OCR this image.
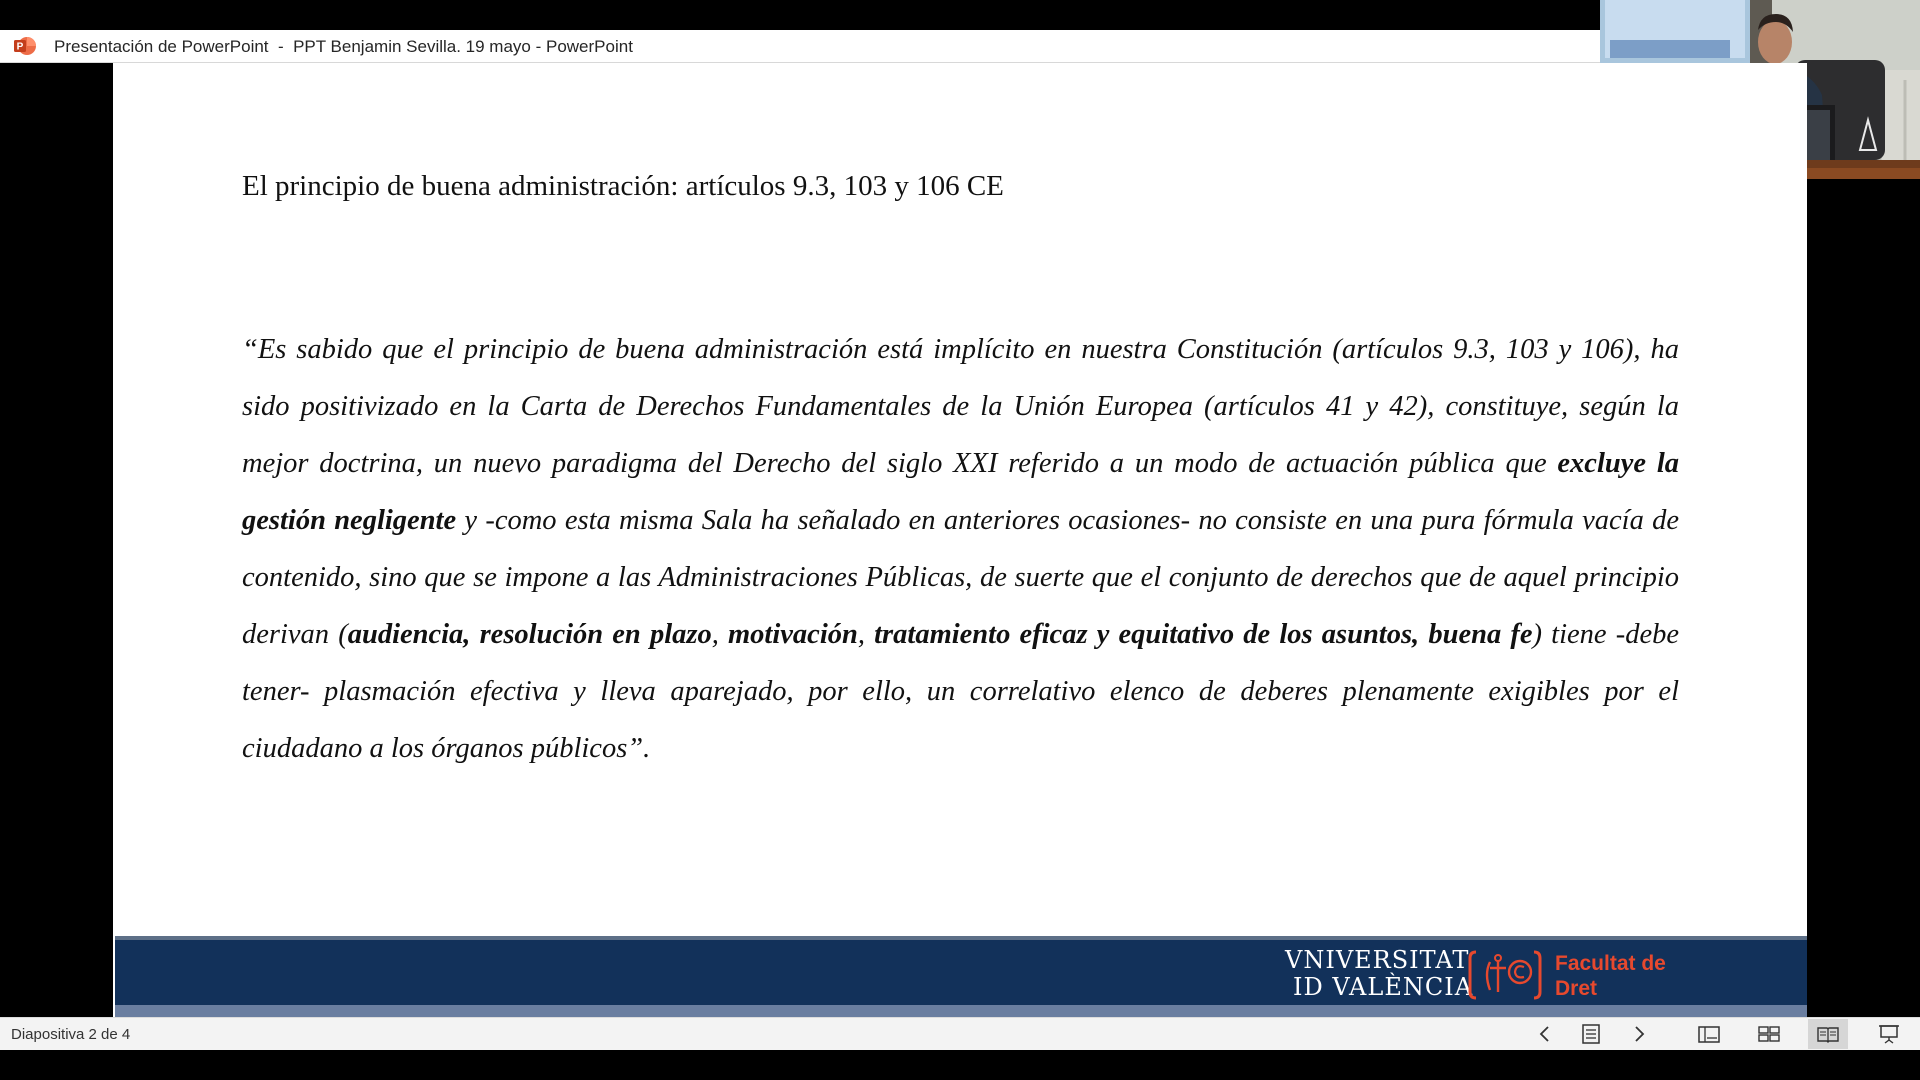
P Presentación de PowerPoint  -  PPT Benjamin Sevilla. 19 mayo - PowerPoint
El principio de buena administración: artículos 9.3, 103 y 106 CE
“Es sabido que el principio de buena administración está implícito en nuestra Constitución (artículos 9.3, 103 y 106), ha sido positivizado en la Carta de Derechos Fundamentales de la Unión Europea (artículos 41 y 42), constituye, según la mejor doctrina, un nuevo paradigma del Derecho del siglo XXI referido a un modo de actuación pública que excluye la gestión negligente y -como esta misma Sala ha señalado en anteriores ocasiones- no consiste en una pura fórmula vacía de contenido, sino que se impone a las Administraciones Públicas, de suerte que el conjunto de derechos que de aquel principio derivan (audiencia, resolución en plazo, motivación, tratamiento eficaz y equitativo de los asuntos, buena fe) tiene -debe tener- plasmación efectiva y lleva aparejado, por ello, un correlativo elenco de deberes plenamente exigibles por el ciudadano a los órganos públicos”.
VNIVERSITAT
ID VALÈNCIA
Facultat de
Dret
Diapositiva 2 de 4
